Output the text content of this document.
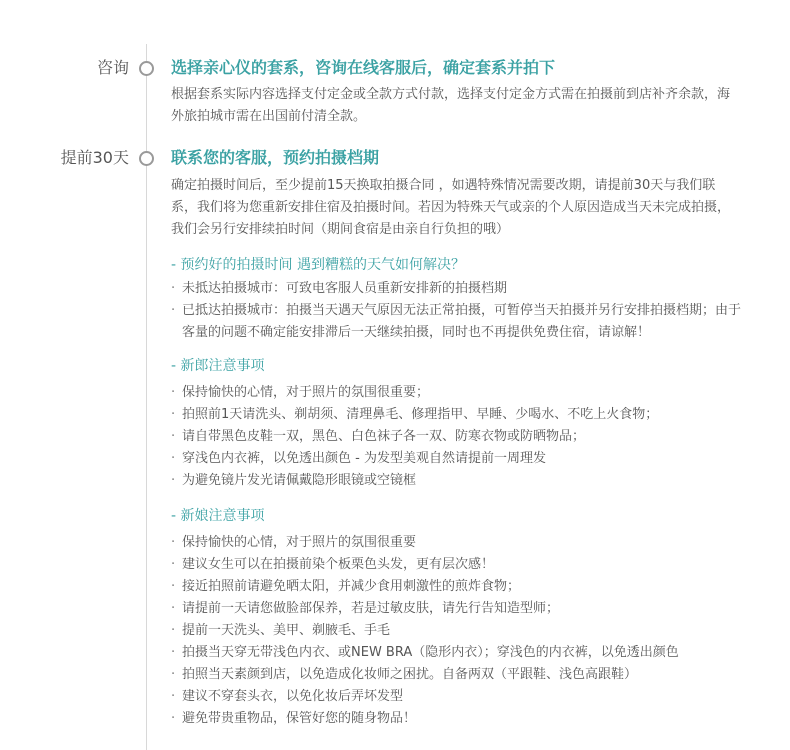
咨询	选择亲心仪的套系，咨询在线客服后，确定套系并拍下
根据套系实际内容选择支付定金或全款方式付款，选择支付定金方式需在拍摄前到店补齐余款，海外旅拍城市需在出国前付清全款。
提前30天	联系您的客服，预约拍摄档期
确定拍摄时间后，至少提前15天换取拍摄合同 ，如遇特殊情况需要改期，请提前30天与我们联系，我们将为您重新安排住宿及拍摄时间。若因为特殊天气或亲的个人原因造成当天未完成拍摄，我们会另行安排续拍时间（期间食宿是由亲自行负担的哦）
- 预约好的拍摄时间 遇到糟糕的天气如何解决？
· 未抵达拍摄城市：可致电客服人员重新安排新的拍摄档期
· 已抵达拍摄城市：拍摄当天遇天气原因无法正常拍摄，可暂停当天拍摄并另行安排拍摄档期；由于客量的问题不确定能安排滞后一天继续拍摄，同时也不再提供免费住宿，请谅解！
- 新郎注意事项
· 保持愉快的心情，对于照片的氛围很重要；
· 拍照前1天请洗头、剃胡须、清理鼻毛、修理指甲、早睡、少喝水、不吃上火食物；
· 请自带黑色皮鞋一双，黑色、白色袜子各一双、防寒衣物或防晒物品；
· 穿浅色内衣裤，以免透出颜色 - 为发型美观自然请提前一周理发
· 为避免镜片发光请佩戴隐形眼镜或空镜框
- 新娘注意事项
· 保持愉快的心情，对于照片的氛围很重要
· 建议女生可以在拍摄前染个板栗色头发，更有层次感！
· 接近拍照前请避免晒太阳，并减少食用刺激性的煎炸食物；
· 请提前一天请您做脸部保养，若是过敏皮肤，请先行告知造型师；
· 提前一天洗头、美甲、剃腋毛、手毛
· 拍摄当天穿无带浅色内衣、或NEW BRA（隐形内衣）；穿浅色的内衣裤，以免透出颜色
· 拍照当天素颜到店，以免造成化妆师之困扰。自备两双（平跟鞋、浅色高跟鞋）
· 建议不穿套头衣，以免化妆后弄坏发型
· 避免带贵重物品，保管好您的随身物品！
